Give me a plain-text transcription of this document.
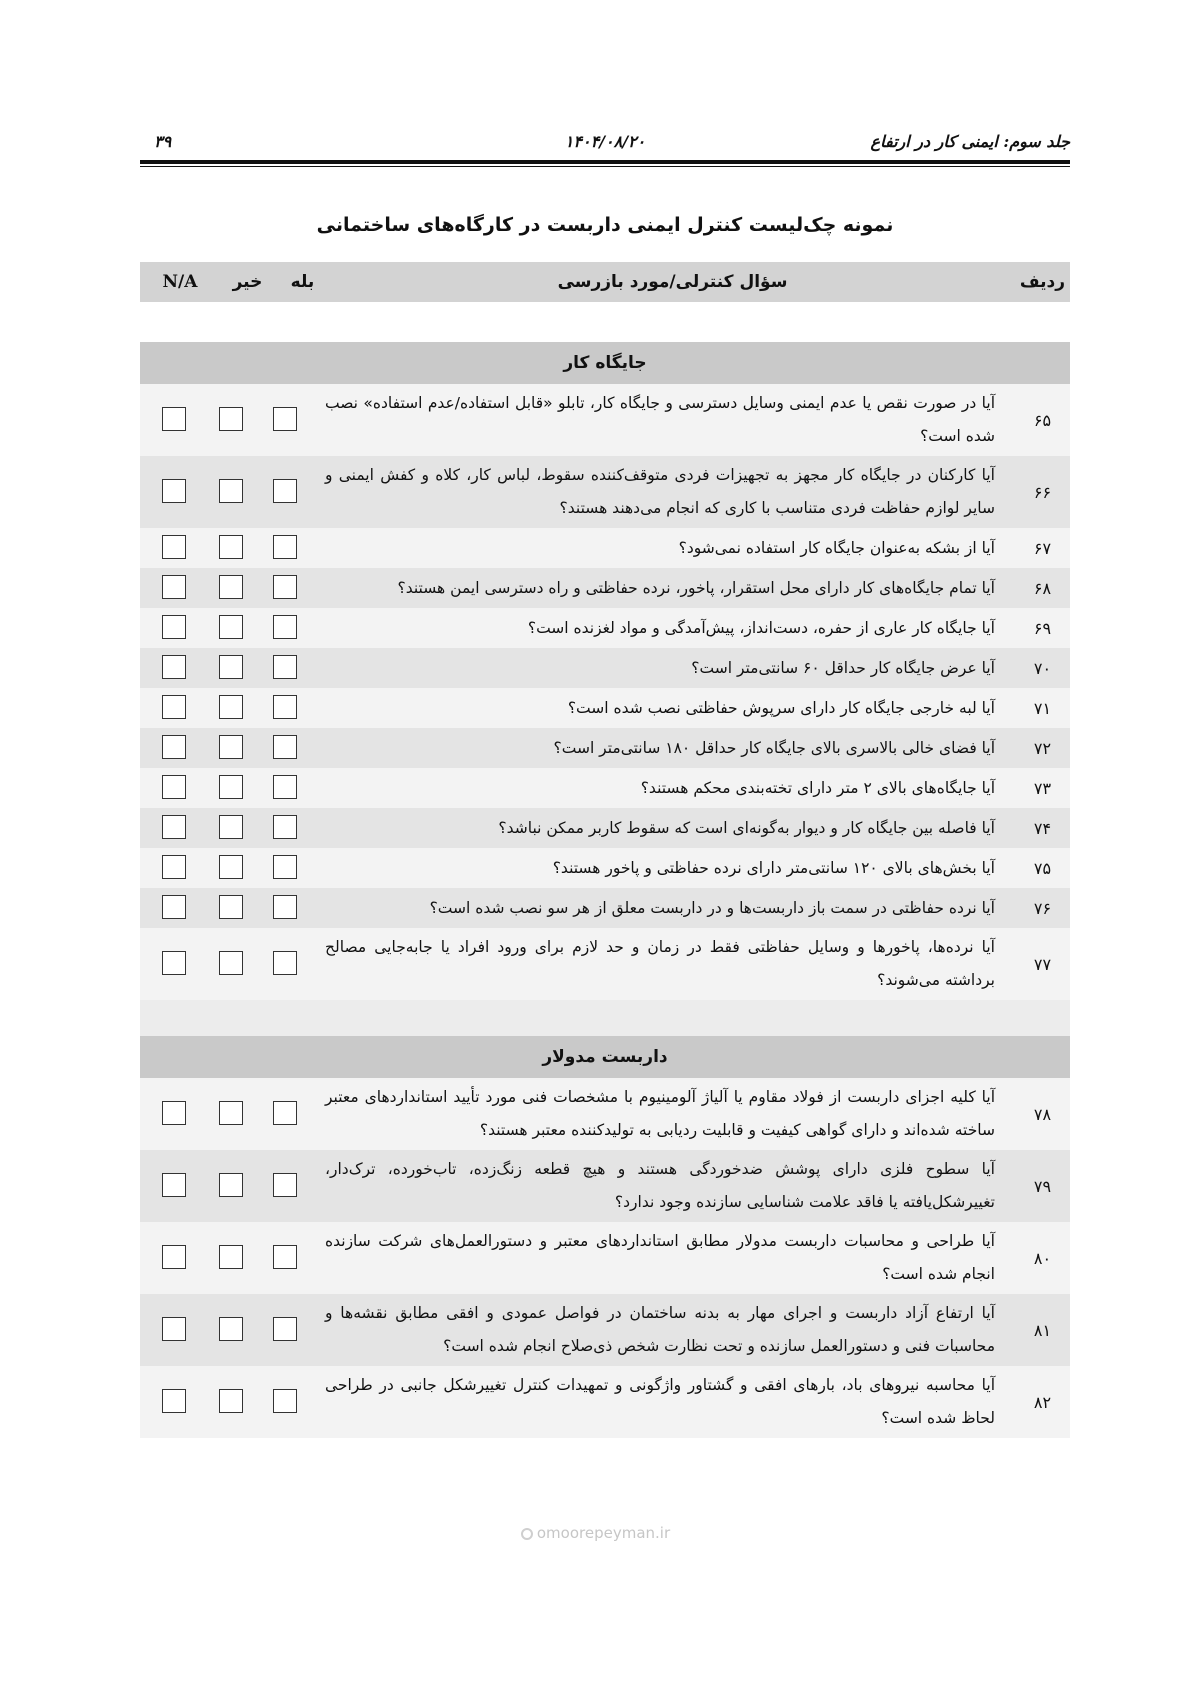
جلد سوم: ایمنی کار در ارتفاع
۱۴۰۴/۰۸/۲۰
۳۹
نمونه چک‌لیست کنترل ایمنی داربست در کارگاه‌های ساختمانی
ردیف
سؤال کنترلی/مورد بازرسی
بله
خیر
N/A
جایگاه کار
۶۵
آیا در صورت نقص یا عدم ایمنی وسایل دسترسی و جایگاه کار، تابلو «قابل استفاده/عدم استفاده» نصب شده است؟
۶۶
آیا کارکنان در جایگاه کار مجهز به تجهیزات فردی متوقف‌کننده سقوط، لباس کار، کلاه و کفش ایمنی و سایر لوازم حفاظت فردی متناسب با کاری که انجام می‌دهند هستند؟
۶۷
آیا از بشکه به‌عنوان جایگاه کار استفاده نمی‌شود؟
۶۸
آیا تمام جایگاه‌های کار دارای محل استقرار، پاخور، نرده حفاظتی و راه دسترسی ایمن هستند؟
۶۹
آیا جایگاه کار عاری از حفره، دست‌انداز، پیش‌آمدگی و مواد لغزنده است؟
۷۰
آیا عرض جایگاه کار حداقل ۶۰ سانتی‌متر است؟
۷۱
آیا لبه خارجی جایگاه کار دارای سرپوش حفاظتی نصب شده است؟
۷۲
آیا فضای خالی بالاسری بالای جایگاه کار حداقل ۱۸۰ سانتی‌متر است؟
۷۳
آیا جایگاه‌های بالای ۲ متر دارای تخته‌بندی محکم هستند؟
۷۴
آیا فاصله بین جایگاه کار و دیوار به‌گونه‌ای است که سقوط کاربر ممکن نباشد؟
۷۵
آیا بخش‌های بالای ۱۲۰ سانتی‌متر دارای نرده حفاظتی و پاخور هستند؟
۷۶
آیا نرده حفاظتی در سمت باز داربست‌ها و در داربست معلق از هر سو نصب شده است؟
۷۷
آیا نرده‌ها، پاخورها و وسایل حفاظتی فقط در زمان و حد لازم برای ورود افراد یا جابه‌جایی مصالح برداشته می‌شوند؟
داربست مدولار
۷۸
آیا کلیه اجزای داربست از فولاد مقاوم یا آلیاژ آلومینیوم با مشخصات فنی مورد تأیید استانداردهای معتبر ساخته شده‌اند و دارای گواهی کیفیت و قابلیت ردیابی به تولیدکننده معتبر هستند؟
۷۹
آیا سطوح فلزی دارای پوشش ضدخوردگی هستند و هیچ قطعه زنگ‌زده، تاب‌خورده، ترک‌دار، تغییرشکل‌یافته یا فاقد علامت شناسایی سازنده وجود ندارد؟
۸۰
آیا طراحی و محاسبات داربست مدولار مطابق استانداردهای معتبر و دستورالعمل‌های شرکت سازنده انجام شده است؟
۸۱
آیا ارتفاع آزاد داربست و اجرای مهار به بدنه ساختمان در فواصل عمودی و افقی مطابق نقشه‌ها و محاسبات فنی و دستورالعمل سازنده و تحت نظارت شخص ذی‌صلاح انجام شده است؟
۸۲
آیا محاسبه نیروهای باد، بارهای افقی و گشتاور واژگونی و تمهیدات کنترل تغییرشکل جانبی در طراحی لحاظ شده است؟
omoorepeyman.ir
